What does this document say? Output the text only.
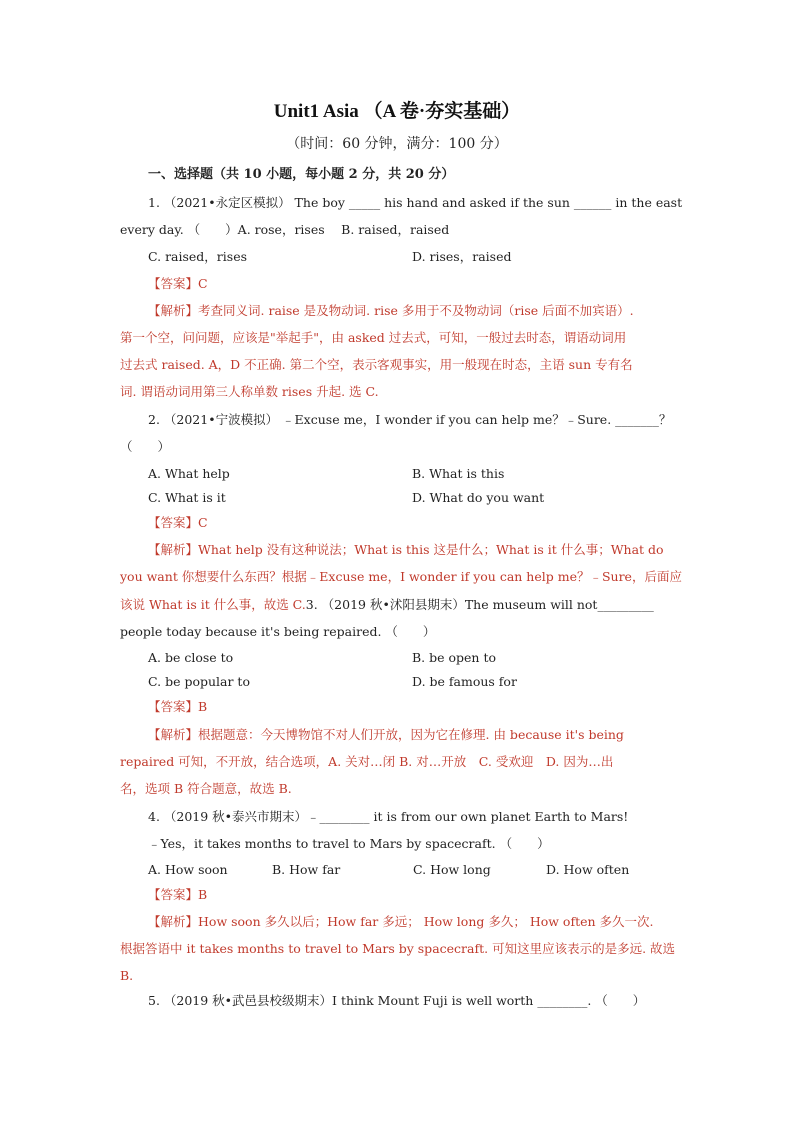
Unit1 Asia （A 卷·夯实基础）
（时间：60 分钟，满分：100 分）
一、选择题（共 10 小题，每小题 2 分，共 20 分）
1. （2021•永定区模拟） The boy _____ his hand and asked if the sun ______ in the east
every day. （　　）A. rose，rises　 B. raised，raised
C. raised，rises	D. rises，raised
【答案】C
【解析】考查同义词. raise 是及物动词. rise 多用于不及物动词（rise 后面不加宾语）.
第一个空，问问题，应该是"举起手"，由 asked 过去式，可知，一般过去时态，谓语动词用
过去式 raised. A，D 不正确. 第二个空，表示客观事实，用一般现在时态，主语 sun 专有名
词. 谓语动词用第三人称单数 rises 升起. 选 C.
2. （2021•宁波模拟） ﹣Excuse me，I wonder if you can help me？﹣Sure. _______？
（　　）
A. What help	B. What is this
C. What is it	D. What do you want
【答案】C
【解析】What help 没有这种说法；What is this 这是什么；What is it 什么事；What do
you want 你想要什么东西？根据﹣Excuse me，I wonder if you can help me？﹣Sure，后面应
该说 What is it 什么事，故选 C.3. （2019 秋•沭阳县期末）The museum will not_________
people today because it's being repaired. （　　）
A. be close to	B. be open to
C. be popular to	D. be famous for
【答案】B
【解析】根据题意：今天博物馆不对人们开放，因为它在修理. 由 because it's being
repaired 可知，不开放，结合选项，A. 关对…闭 B. 对…开放　C. 受欢迎　D. 因为…出
名，选项 B 符合题意，故选 B.
4. （2019 秋•泰兴市期末）﹣________ it is from our own planet Earth to Mars!
﹣Yes，it takes months to travel to Mars by spacecraft. （　　）
A. How soon	B. How far	C. How long	D. How often
【答案】B
【解析】How soon 多久以后；How far 多远； How long 多久； How often 多久一次.
根据答语中 it takes months to travel to Mars by spacecraft. 可知这里应该表示的是多远. 故选
B.
5. （2019 秋•武邑县校级期末）I think Mount Fuji is well worth ________. （　　）
